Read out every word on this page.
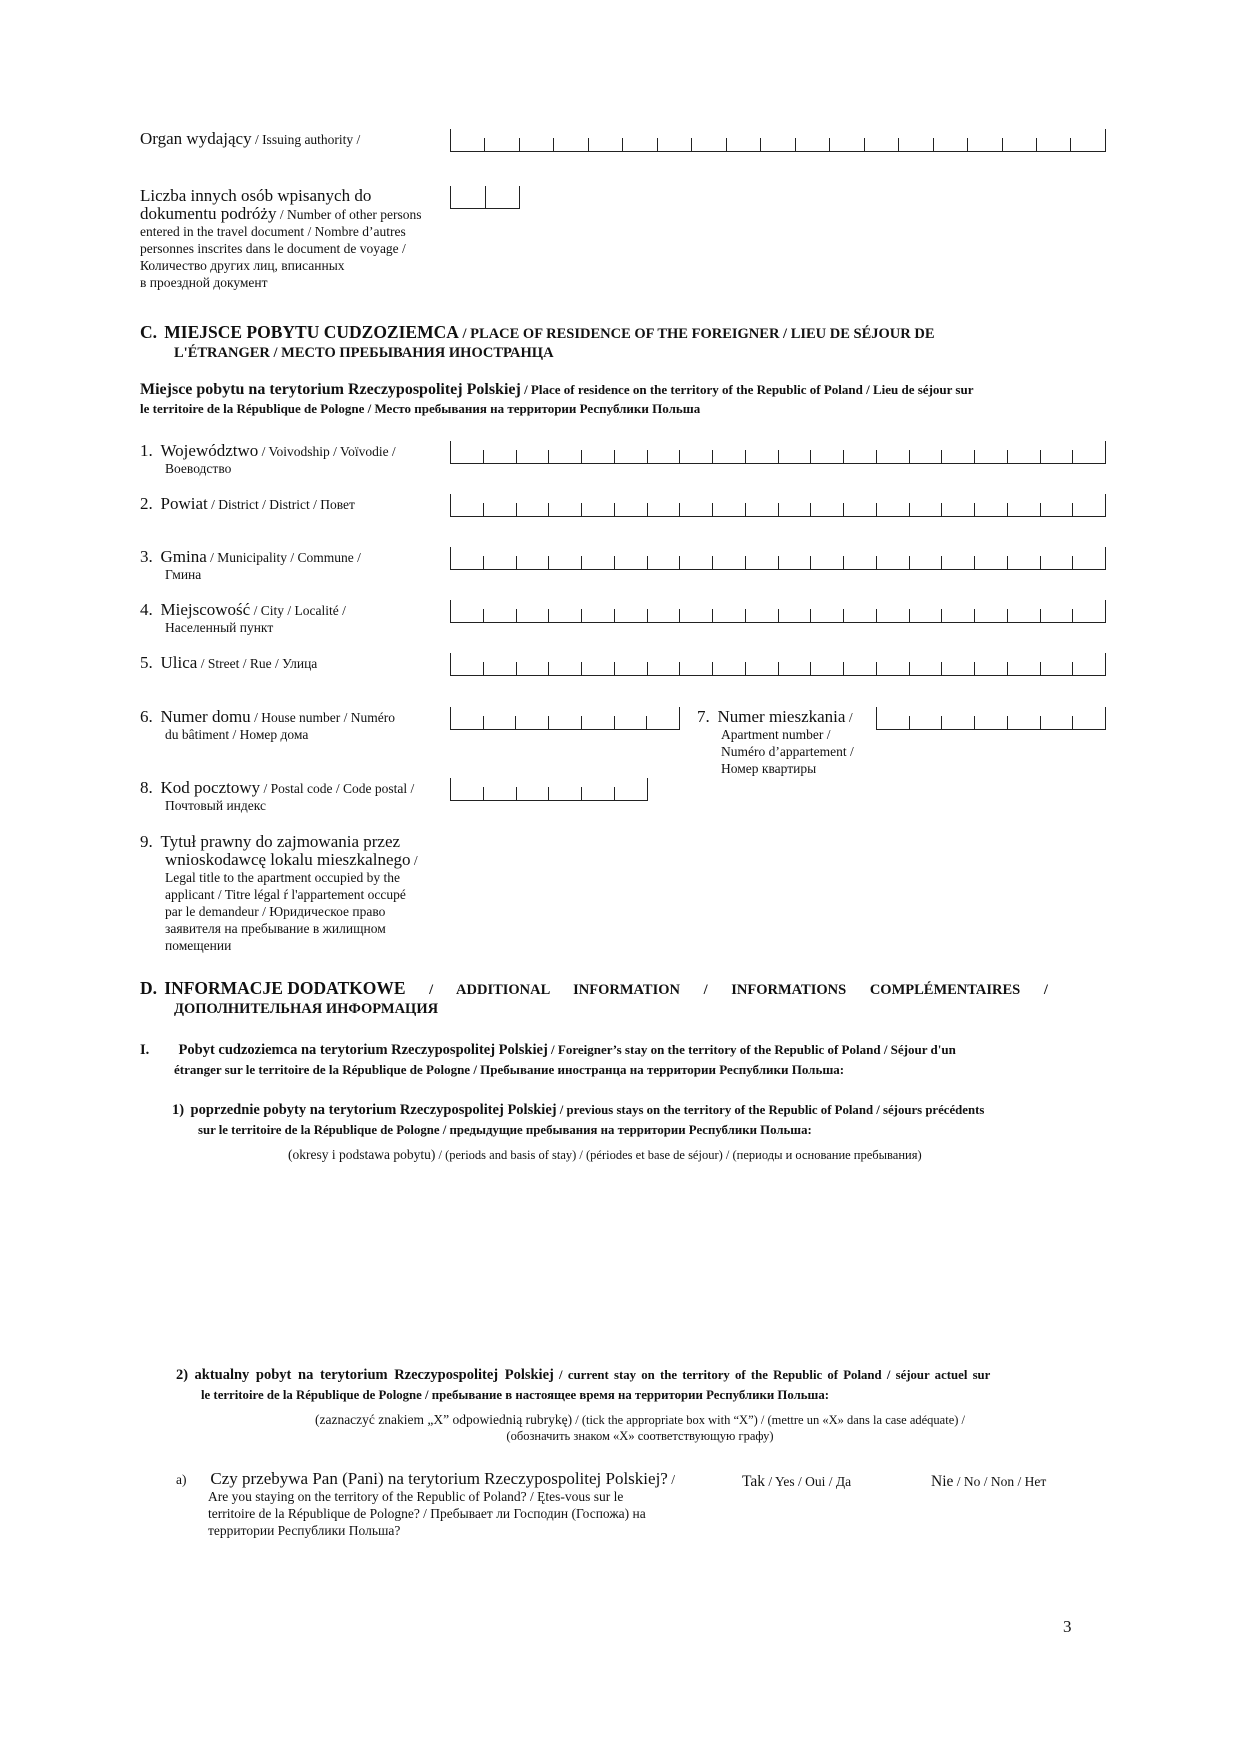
Organ wydający / Issuing authority /

Liczba innych osób wpisanych do
dokumentu podróży / Number of other persons
entered in the travel document / Nombre d’autres
personnes inscrites dans le document de voyage /
Количество других лиц, вписанных
в проездной документ
C. MIEJSCE POBYTU CUDZOZIEMCA / PLACE OF RESIDENCE OF THE FOREIGNER / LIEU DE SÉJOUR DE
L'ÉTRANGER / МЕСТО ПРЕБЫВАНИЯ ИНОСТРАНЦА
Miejsce pobytu na terytorium Rzeczypospolitej Polskiej / Place of residence on the territory of the Republic of Poland / Lieu de séjour sur
le territoire de la République de Pologne / Место пребывания на территории Республики Польша
1. Województwo / Voivodship / Voïvodie /
Воеводство
2. Powiat / District / District / Повет
3. Gmina / Municipality / Commune /
Гмина
4. Miejscowość / City / Localité /
Населенный пункт
5. Ulica / Street / Rue / Улица
6. Numer domu / House number / Numéro
du bâtiment / Номер дома
7. Numer mieszkania /
Apartment number /
Numéro d’appartement /
Номер квартиры
8. Kod pocztowy / Postal code / Code postal /
Почтовый индекс
9. Tytuł prawny do zajmowania przez
wnioskodawcę lokalu mieszkalnego /
Legal title to the apartment occupied by the
applicant / Titre légal ŕ l'appartement occupé
par le demandeur / Юридическое право
заявителя на пребывание в жилищном
помещении
D. INFORMACJE DODATKOWE / ADDITIONAL INFORMATION / INFORMATIONS COMPLÉMENTAIRES /
ДОПОЛНИТЕЛЬНАЯ ИНФОРМАЦИЯ
I. Pobyt cudzoziemca na terytorium Rzeczypospolitej Polskiej / Foreigner’s stay on the territory of the Republic of Poland / Séjour d'un
étranger sur le territoire de la République de Pologne / Пребывание иностранца на территории Республики Польша:
1) poprzednie pobyty na terytorium Rzeczypospolitej Polskiej / previous stays on the territory of the Republic of Poland / séjours précédents
sur le territoire de la République de Pologne / предыдущие пребывания на территории Республики Польша:
(okresy i podstawa pobytu) / (periods and basis of stay) / (périodes et base de séjour) / (периоды и основание пребывания)
2) aktualny pobyt na terytorium Rzeczypospolitej Polskiej / current stay on the territory of the Republic of Poland / séjour actuel sur
le territoire de la République de Pologne / пребывание в настоящее время на территории Республики Польша:
(zaznaczyć znakiem „X” odpowiednią rubrykę) / (tick the appropriate box with “X”) / (mettre un «X» dans la case adéquate) /
(обозначить знаком «X» соответствующую графу)
a) Czy przebywa Pan (Pani) na terytorium Rzeczypospolitej Polskiej? /
Are you staying on the territory of the Republic of Poland? / Ętes-vous sur le
territoire de la République de Pologne? / Пребывает ли Господин (Госпожа) на
территории Республики Польша?
Tak / Yes / Oui / Да	Nie / No / Non / Нет
3
